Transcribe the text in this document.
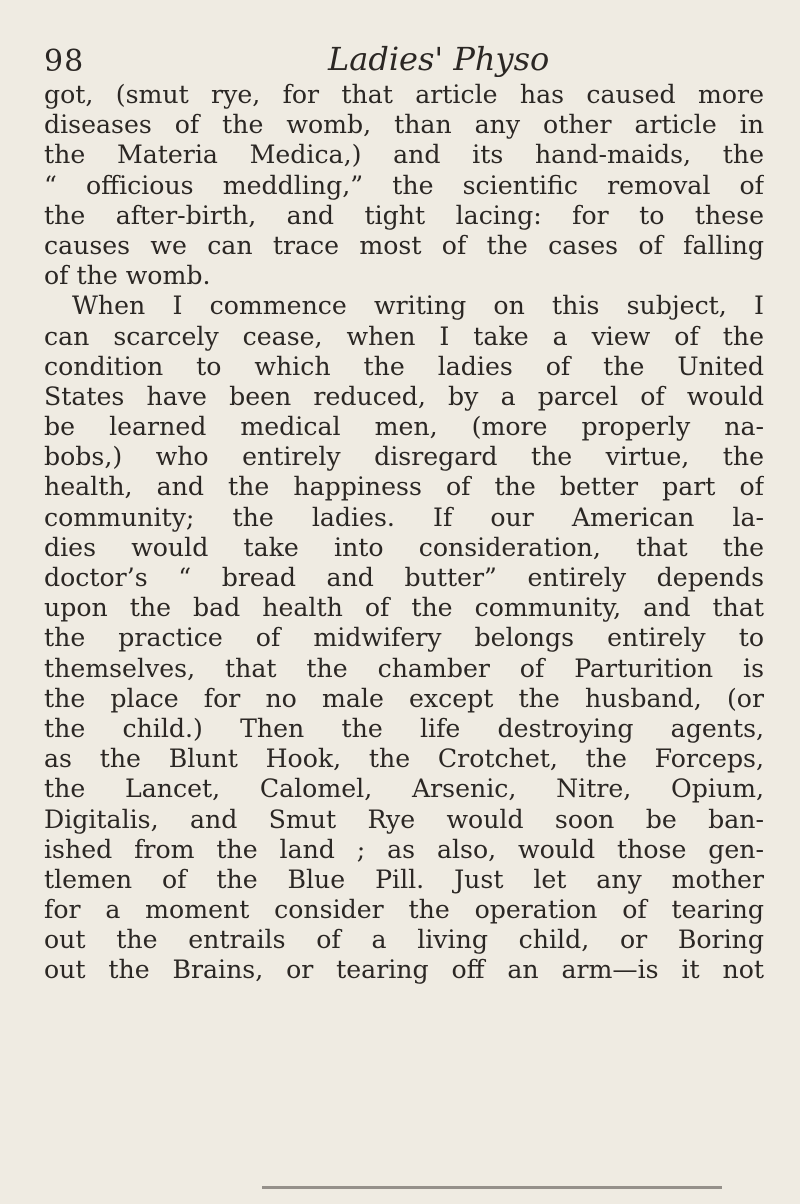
98	Ladies' Physo
got, (smut rye, for that article has caused more
diseases of the womb, than any other article in
the Materia Medica,) and its hand-maids, the
“ officious meddling,” the scientific removal of
the after-birth, and tight lacing: for to these
causes we can trace most of the cases of falling
of the womb.
When I commence writing on this subject, I
can scarcely cease, when I take a view of the
condition to which the ladies of the United
States have been reduced, by a parcel of would
be learned medical men, (more properly na-
bobs,) who entirely disregard the virtue, the
health, and the happiness of the better part of
community; the ladies. If our American la-
dies would take into consideration, that the
doctor’s “ bread and butter” entirely depends
upon the bad health of the community, and that
the practice of midwifery belongs entirely to
themselves, that the chamber of Parturition is
the place for no male except the husband, (or
the child.) Then the life destroying agents,
as the Blunt Hook, the Crotchet, the Forceps,
the Lancet, Calomel, Arsenic, Nitre, Opium,
Digitalis, and Smut Rye would soon be ban-
ished from the land ; as also, would those gen-
tlemen of the Blue Pill. Just let any mother
for a moment consider the operation of tearing
out the entrails of a living child, or Boring
out the Brains, or tearing off an arm—is it not
